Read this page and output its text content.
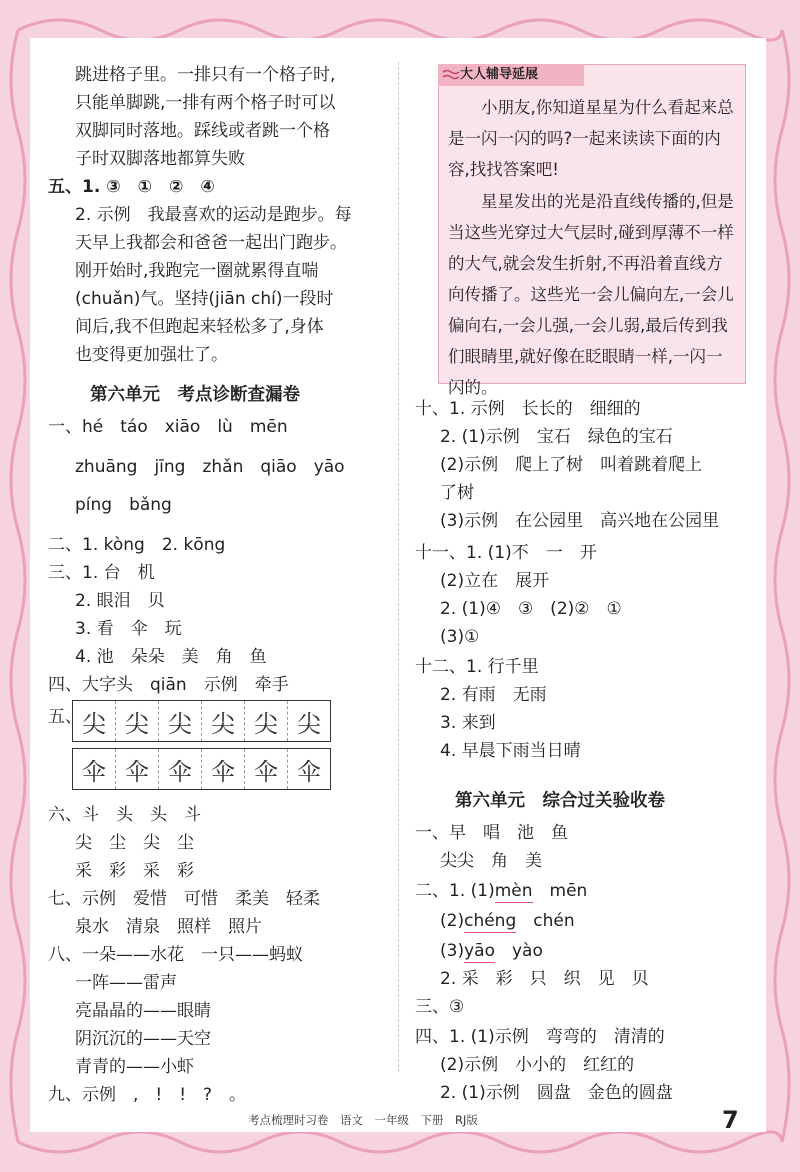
跳进格子里。一排只有一个格子时,
只能单脚跳,一排有两个格子时可以
双脚同时落地。踩线或者跳一个格
子时双脚落地都算失败
五、1. ③　①　②　④
2. 示例　我最喜欢的运动是跑步。每
天早上我都会和爸爸一起出门跑步。
刚开始时,我跑完一圈就累得直喘
(chuǎn)气。坚持(jiān chí)一段时
间后,我不但跑起来轻松多了,身体
也变得更加强壮了。
第六单元　考点诊断查漏卷
一、hé　táo　xiāo　lù　mēn
zhuāng　jīng　zhǎn　qiāo　yāo
píng　bǎng
二、1. kòng　2. kōng
三、1. 台　机
2. 眼泪　贝
3. 看　伞　玩
4. 池　朵朵　美　角　鱼
四、大字头　qiān　示例　牵手
五、 尖 尖 尖 尖 尖 尖
伞 伞 伞 伞 伞 伞
六、斗　头　头　斗
尖　尘　尖　尘
采　彩　采　彩
七、示例　爱惜　可惜　柔美　轻柔
泉水　清泉　照样　照片
八、一朵——水花　一只——蚂蚁
一阵——雷声
亮晶晶的——眼睛
阴沉沉的——天空
青青的——小虾
九、示例　,　!　!　?　。
大人辅导延展
小朋友,你知道星星为什么看起来总是一闪一闪的吗?一起来读读下面的内容,找找答案吧!
星星发出的光是沿直线传播的,但是当这些光穿过大气层时,碰到厚薄不一样的大气,就会发生折射,不再沿着直线方向传播了。这些光一会儿偏向左,一会儿偏向右,一会儿强,一会儿弱,最后传到我们眼睛里,就好像在眨眼睛一样,一闪一闪的。
十、1. 示例　长长的　细细的
2. (1)示例　宝石　绿色的宝石
(2)示例　爬上了树　叫着跳着爬上
了树
(3)示例　在公园里　高兴地在公园里
十一、1. (1)不　一　开
(2)立在　展开
2. (1)④　③　(2)②　①
(3)①
十二、1. 行千里
2. 有雨　无雨
3. 来到
4. 早晨下雨当日晴
第六单元　综合过关验收卷
一、早　唱　池　鱼
尖尖　角　美
二、1. (1)mèn　 mēn
(2)chéng　 chén
(3)yāo　 yào
2. 采　彩　只　织　见　贝
三、③
四、1. (1)示例　弯弯的　清清的
(2)示例　小小的　红红的
2. (1)示例　圆盘　金色的圆盘
考点梳理时习卷　语文　一年级　下册　RJ版	7
